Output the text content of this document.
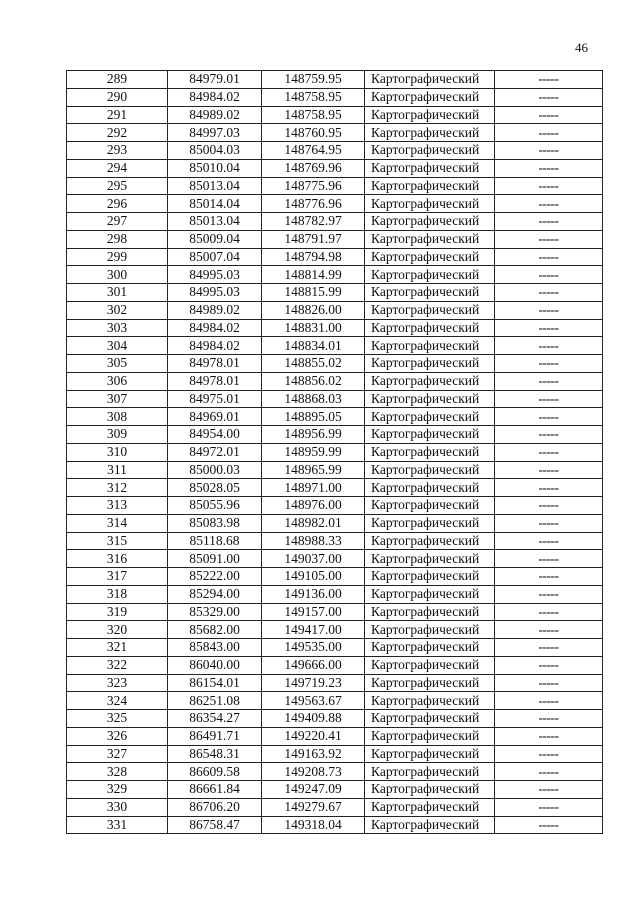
46
289	84979.01	148759.95	Картографический	-----
290	84984.02	148758.95	Картографический	-----
291	84989.02	148758.95	Картографический	-----
292	84997.03	148760.95	Картографический	-----
293	85004.03	148764.95	Картографический	-----
294	85010.04	148769.96	Картографический	-----
295	85013.04	148775.96	Картографический	-----
296	85014.04	148776.96	Картографический	-----
297	85013.04	148782.97	Картографический	-----
298	85009.04	148791.97	Картографический	-----
299	85007.04	148794.98	Картографический	-----
300	84995.03	148814.99	Картографический	-----
301	84995.03	148815.99	Картографический	-----
302	84989.02	148826.00	Картографический	-----
303	84984.02	148831.00	Картографический	-----
304	84984.02	148834.01	Картографический	-----
305	84978.01	148855.02	Картографический	-----
306	84978.01	148856.02	Картографический	-----
307	84975.01	148868.03	Картографический	-----
308	84969.01	148895.05	Картографический	-----
309	84954.00	148956.99	Картографический	-----
310	84972.01	148959.99	Картографический	-----
311	85000.03	148965.99	Картографический	-----
312	85028.05	148971.00	Картографический	-----
313	85055.96	148976.00	Картографический	-----
314	85083.98	148982.01	Картографический	-----
315	85118.68	148988.33	Картографический	-----
316	85091.00	149037.00	Картографический	-----
317	85222.00	149105.00	Картографический	-----
318	85294.00	149136.00	Картографический	-----
319	85329.00	149157.00	Картографический	-----
320	85682.00	149417.00	Картографический	-----
321	85843.00	149535.00	Картографический	-----
322	86040.00	149666.00	Картографический	-----
323	86154.01	149719.23	Картографический	-----
324	86251.08	149563.67	Картографический	-----
325	86354.27	149409.88	Картографический	-----
326	86491.71	149220.41	Картографический	-----
327	86548.31	149163.92	Картографический	-----
328	86609.58	149208.73	Картографический	-----
329	86661.84	149247.09	Картографический	-----
330	86706.20	149279.67	Картографический	-----
331	86758.47	149318.04	Картографический	-----
